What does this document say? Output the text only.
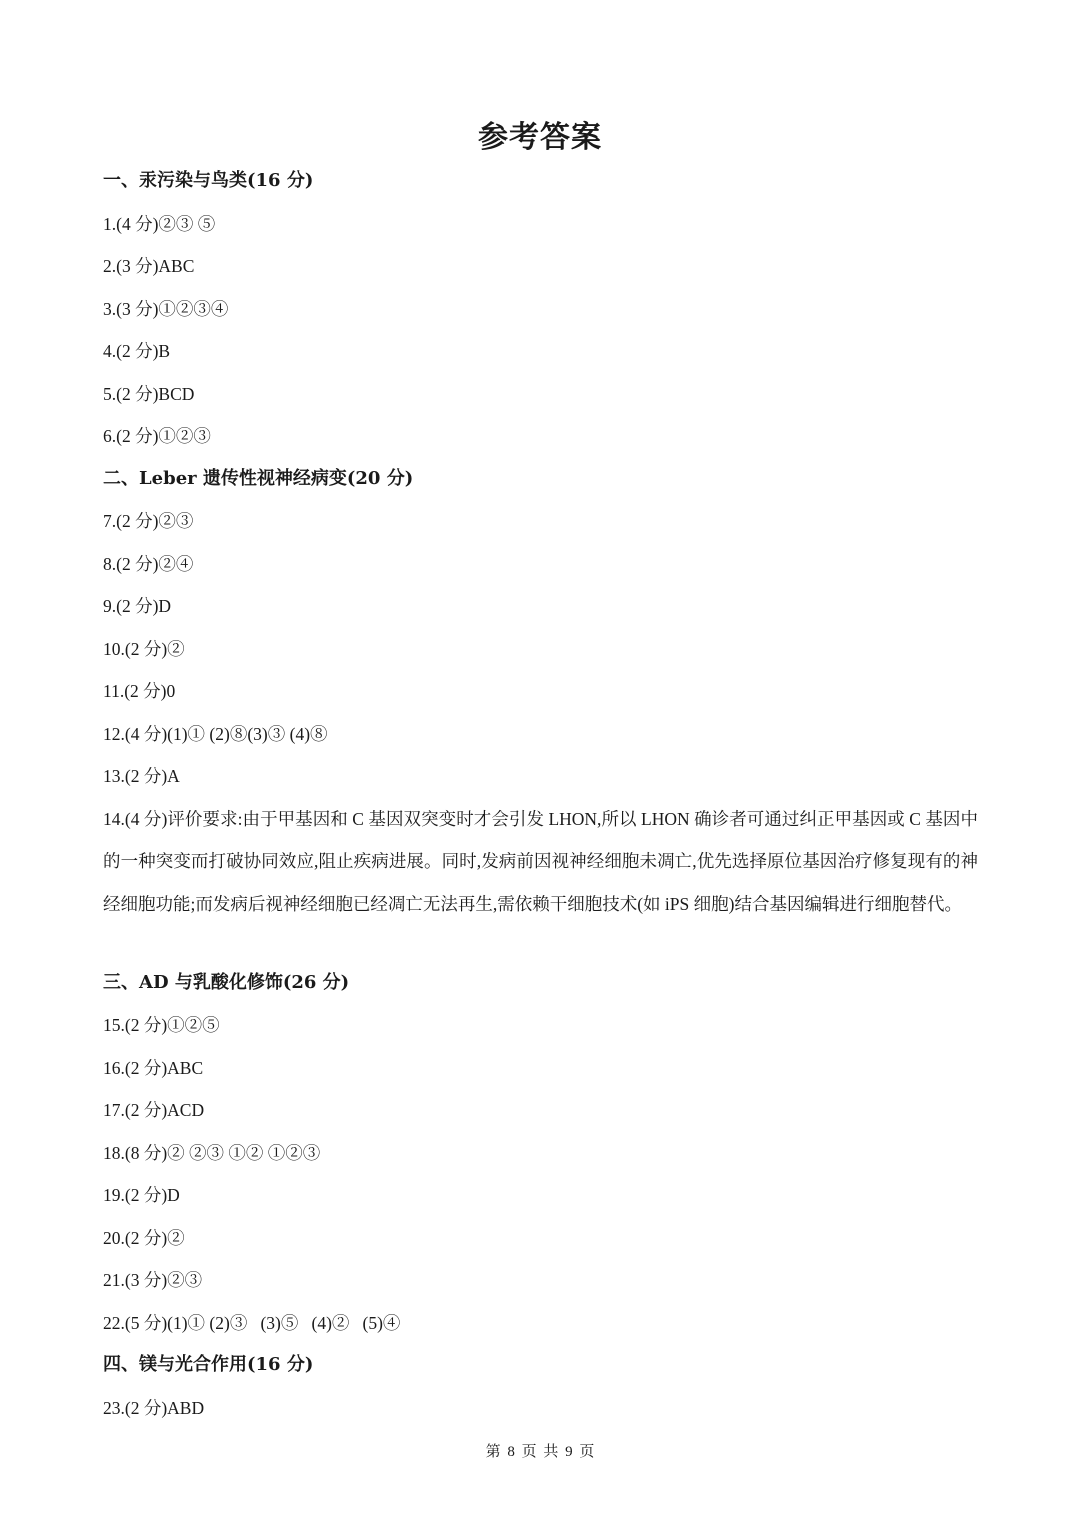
参考答案
一、汞污染与鸟类(16 分)
1.(4 分)②③ ⑤
2.(3 分)ABC
3.(3 分)①②③④
4.(2 分)B
5.(2 分)BCD
6.(2 分)①②③
二、Leber 遗传性视神经病变(20 分)
7.(2 分)②③
8.(2 分)②④
9.(2 分)D
10.(2 分)②
11.(2 分)0
12.(4 分)(1)① (2)⑧(3)③ (4)⑧
13.(2 分)A
14.(4 分)评价要求:由于甲基因和 C 基因双突变时才会引发 LHON,所以 LHON 确诊者可通过纠正甲基因或 C 基因中的一种突变而打破协同效应,阻止疾病进展。同时,发病前因视神经细胞未凋亡,优先选择原位基因治疗修复现有的神经细胞功能;而发病后视神经细胞已经凋亡无法再生,需依赖干细胞技术(如 iPS 细胞)结合基因编辑进行细胞替代。
三、AD 与乳酸化修饰(26 分)
15.(2 分)①②⑤
16.(2 分)ABC
17.(2 分)ACD
18.(8 分)② ②③ ①② ①②③
19.(2 分)D
20.(2 分)②
21.(3 分)②③
22.(5 分)(1)① (2)③   (3)⑤   (4)②   (5)④
四、镁与光合作用(16 分)
23.(2 分)ABD
第 8 页 共 9 页
